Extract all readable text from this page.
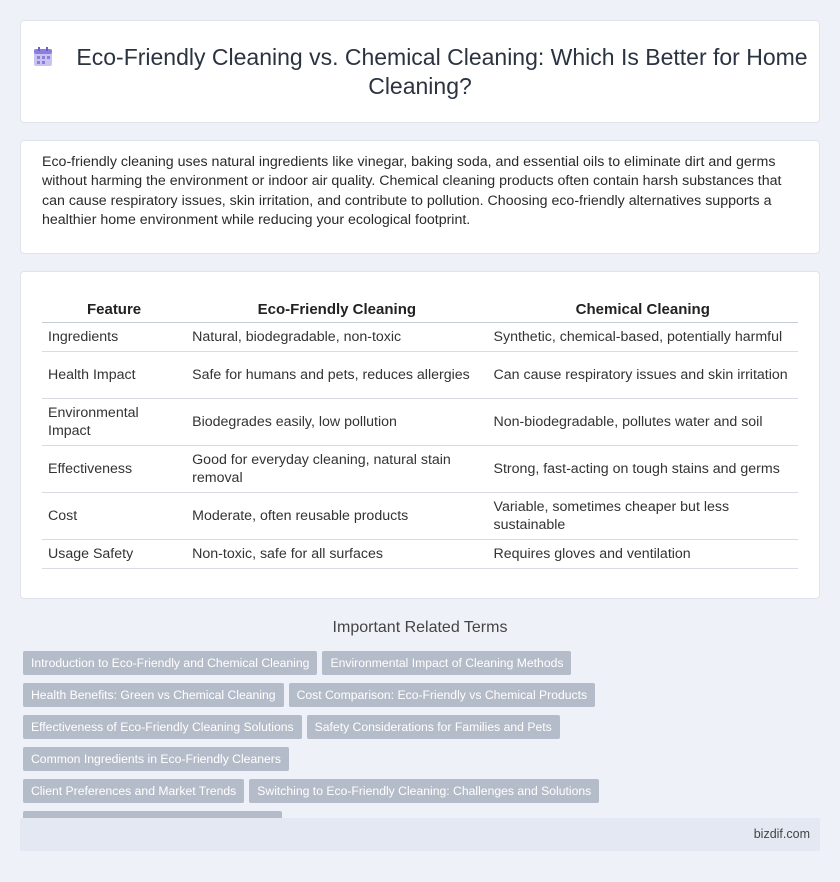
Eco-Friendly Cleaning vs. Chemical Cleaning: Which Is Better for Home Cleaning?

Eco-friendly cleaning uses natural ingredients like vinegar, baking soda, and essential oils to eliminate dirt and germs without harming the environment or indoor air quality. Chemical cleaning products often contain harsh substances that can cause respiratory issues, skin irritation, and contribute to pollution. Choosing eco-friendly alternatives supports a healthier home environment while reducing your ecological footprint.

Feature	Eco-Friendly Cleaning	Chemical Cleaning
Ingredients	Natural, biodegradable, non-toxic	Synthetic, chemical-based, potentially harmful
Health Impact	Safe for humans and pets, reduces allergies	Can cause respiratory issues and skin irritation
Environmental Impact	Biodegrades easily, low pollution	Non-biodegradable, pollutes water and soil
Effectiveness	Good for everyday cleaning, natural stain removal	Strong, fast-acting on tough stains and germs
Cost	Moderate, often reusable products	Variable, sometimes cheaper but less sustainable
Usage Safety	Non-toxic, safe for all surfaces	Requires gloves and ventilation
Important Related Terms
Introduction to Eco-Friendly and Chemical Cleaning Environmental Impact of Cleaning Methods
Health Benefits: Green vs Chemical Cleaning Cost Comparison: Eco-Friendly vs Chemical Products
Effectiveness of Eco-Friendly Cleaning Solutions Safety Considerations for Families and PetsCommon Ingredients in Eco-Friendly Cleaners
Client Preferences and Market Trends Switching to Eco-Friendly Cleaning: Challenges and Solutions

bizdif.com
